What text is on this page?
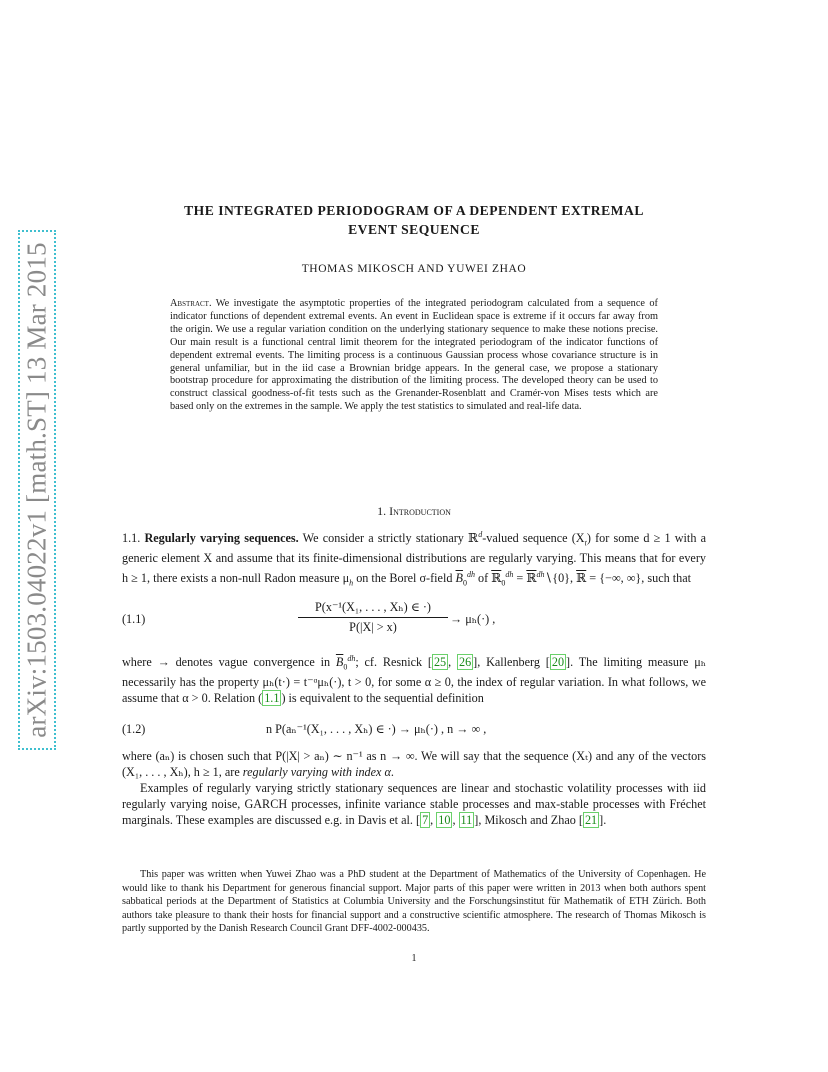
arXiv:1503.04022v1 [math.ST] 13 Mar 2015
THE INTEGRATED PERIODOGRAM OF A DEPENDENT EXTREMAL
EVENT SEQUENCE
THOMAS MIKOSCH AND YUWEI ZHAO
Abstract. We investigate the asymptotic properties of the integrated periodogram calculated from a sequence of indicator functions of dependent extremal events. An event in Euclidean space is extreme if it occurs far away from the origin. We use a regular variation condition on the underlying stationary sequence to make these notions precise. Our main result is a functional central limit theorem for the integrated periodogram of the indicator functions of dependent extremal events. The limiting process is a continuous Gaussian process whose covariance structure is in general unfamiliar, but in the iid case a Brownian bridge appears. In the general case, we propose a stationary bootstrap procedure for approximating the distribution of the limiting process. The developed theory can be used to construct classical goodness-of-fit tests such as the Grenander-Rosenblatt and Cramér-von Mises tests which are based only on the extremes in the sample. We apply the test statistics to simulated and real-life data.
1. Introduction
1.1. Regularly varying sequences. We consider a strictly stationary ℝ$^d$-valued sequence $(X_t)$ for some d ≥ 1 with a generic element X and assume that its finite-dimensional distributions are regularly varying. This means that for every h ≥ 1, there exists a non-null Radon measure $\mu_h$ on the Borel σ-field $\overline{B}_0^{dh}$ of ℝ$_0^{dh}$ = ℝ$^{dh}$∖{0}, ℝ = {−∞, ∞}, such that
(1.1)	$\frac{\text{P(x⁻¹(X₁, . . . , Xₕ) ∈ ·)}}{P(|X| > x)} \to \mu_h(\cdot)$ ,
where → denotes vague convergence in $\overline{B}_0^{dh}$; cf. Resnick [ 25 , 26 ], Kallenberg [ 20 ]. The limiting measure μₕ necessarily has the property μₕ(t·) = t⁻ᵅμₕ(·), t > 0, for some α ≥ 0, the index of regular variation. In what follows, we assume that α > 0. Relation ( 1.1 ) is equivalent to the sequential definition
(1.2)	n P(aₙ⁻¹(X₁, . . . , Xₕ) ∈ ·) → μₕ(·) , n → ∞ ,
where (aₙ) is chosen such that P(|X| > aₙ) ∼ n⁻¹ as n → ∞. We will say that the sequence (Xₜ) and any of the vectors (X₁, . . . , Xₕ), h ≥ 1, are regularly varying with index α.
Examples of regularly varying strictly stationary sequences are linear and stochastic volatility processes with iid regularly varying noise, GARCH processes, infinite variance stable processes and max-stable processes with Fréchet marginals. These examples are discussed e.g. in Davis et al. [ 7 , 10 , 11 ], Mikosch and Zhao [ 21 ].
This paper was written when Yuwei Zhao was a PhD student at the Department of Mathematics of the University of Copenhagen. He would like to thank his Department for generous financial support. Major parts of this paper were written in 2013 when both authors spent sabbatical periods at the Department of Statistics at Columbia University and the Forschungsinstitut für Mathematik of ETH Zürich. Both authors take pleasure to thank their hosts for financial support and a constructive scientific atmosphere. The research of Thomas Mikosch is partly supported by the Danish Research Council Grant DFF-4002-000435.
1
